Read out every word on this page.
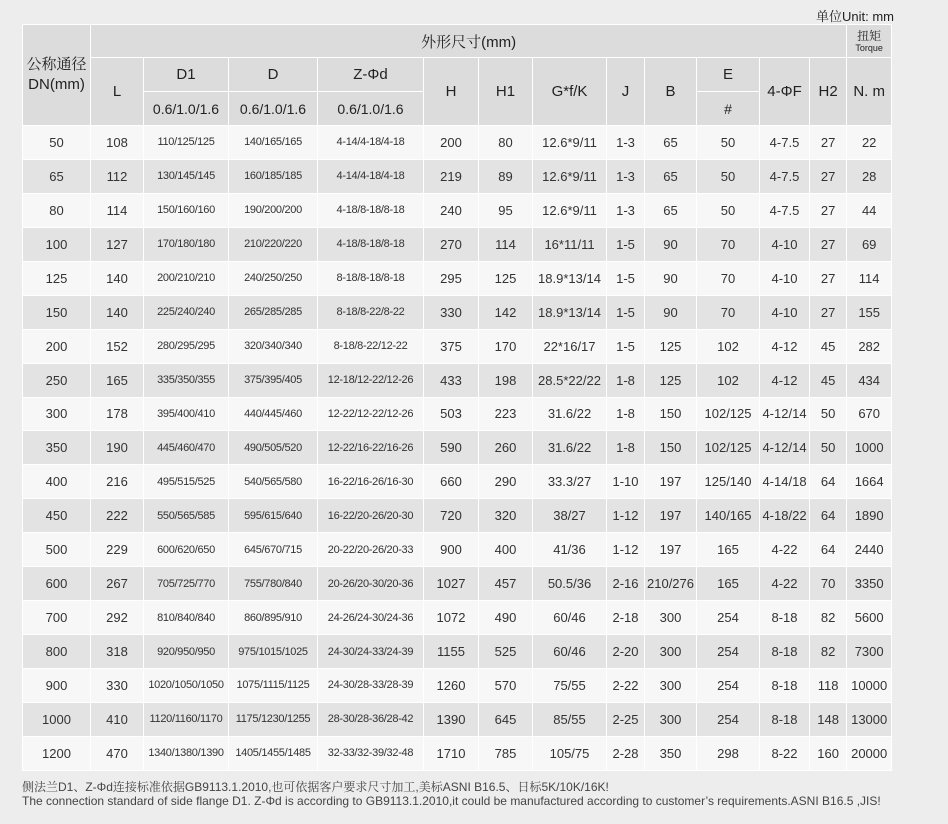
单位Unit: mm
公称通径DN(mm)	外形尺寸(mm)												扭矩
Torque

	L	D1	D	Z-Φd	H	H1	G*f/K	J	B	E	4-ΦF	H2	N. m
		0.6/1.0/1.6	0.6/1.0/1.6	0.6/1.0/1.6						#			
50	108	110/125/125	140/165/165	4-14/4-18/4-18	200	80	12.6*9/11	1-3	65	50	4-7.5	27	22
65	112	130/145/145	160/185/185	4-14/4-18/4-18	219	89	12.6*9/11	1-3	65	50	4-7.5	27	28
80	114	150/160/160	190/200/200	4-18/8-18/8-18	240	95	12.6*9/11	1-3	65	50	4-7.5	27	44
100	127	170/180/180	210/220/220	4-18/8-18/8-18	270	114	16*11/11	1-5	90	70	4-10	27	69
125	140	200/210/210	240/250/250	8-18/8-18/8-18	295	125	18.9*13/14	1-5	90	70	4-10	27	114
150	140	225/240/240	265/285/285	8-18/8-22/8-22	330	142	18.9*13/14	1-5	90	70	4-10	27	155
200	152	280/295/295	320/340/340	8-18/8-22/12-22	375	170	22*16/17	1-5	125	102	4-12	45	282
250	165	335/350/355	375/395/405	12-18/12-22/12-26	433	198	28.5*22/22	1-8	125	102	4-12	45	434
300	178	395/400/410	440/445/460	12-22/12-22/12-26	503	223	31.6/22	1-8	150	102/125	4-12/14	50	670
350	190	445/460/470	490/505/520	12-22/16-22/16-26	590	260	31.6/22	1-8	150	102/125	4-12/14	50	1000
400	216	495/515/525	540/565/580	16-22/16-26/16-30	660	290	33.3/27	1-10	197	125/140	4-14/18	64	1664
450	222	550/565/585	595/615/640	16-22/20-26/20-30	720	320	38/27	1-12	197	140/165	4-18/22	64	1890
500	229	600/620/650	645/670/715	20-22/20-26/20-33	900	400	41/36	1-12	197	165	4-22	64	2440
600	267	705/725/770	755/780/840	20-26/20-30/20-36	1027	457	50.5/36	2-16	210/276	165	4-22	70	3350
700	292	810/840/840	860/895/910	24-26/24-30/24-36	1072	490	60/46	2-18	300	254	8-18	82	5600
800	318	920/950/950	975/1015/1025	24-30/24-33/24-39	1155	525	60/46	2-20	300	254	8-18	82	7300
900	330	1020/1050/1050	1075/1115/1125	24-30/28-33/28-39	1260	570	75/55	2-22	300	254	8-18	118	10000
1000	410	1120/1160/1170	1175/1230/1255	28-30/28-36/28-42	1390	645	85/55	2-25	300	254	8-18	148	13000
1200	470	1340/1380/1390	1405/1455/1485	32-33/32-39/32-48	1710	785	105/75	2-28	350	298	8-22	160	20000
侧法兰D1、Z-Φd连接标准依据GB9113.1.2010,也可依据客户要求尺寸加工,美标ASNI B16.5、日标5K/10K/16K!
The connection standard of side flange D1. Z-Φd is according to GB9113.1.2010,it could be manufactured according to customer’s requirements.ASNI B16.5 ,JIS!
